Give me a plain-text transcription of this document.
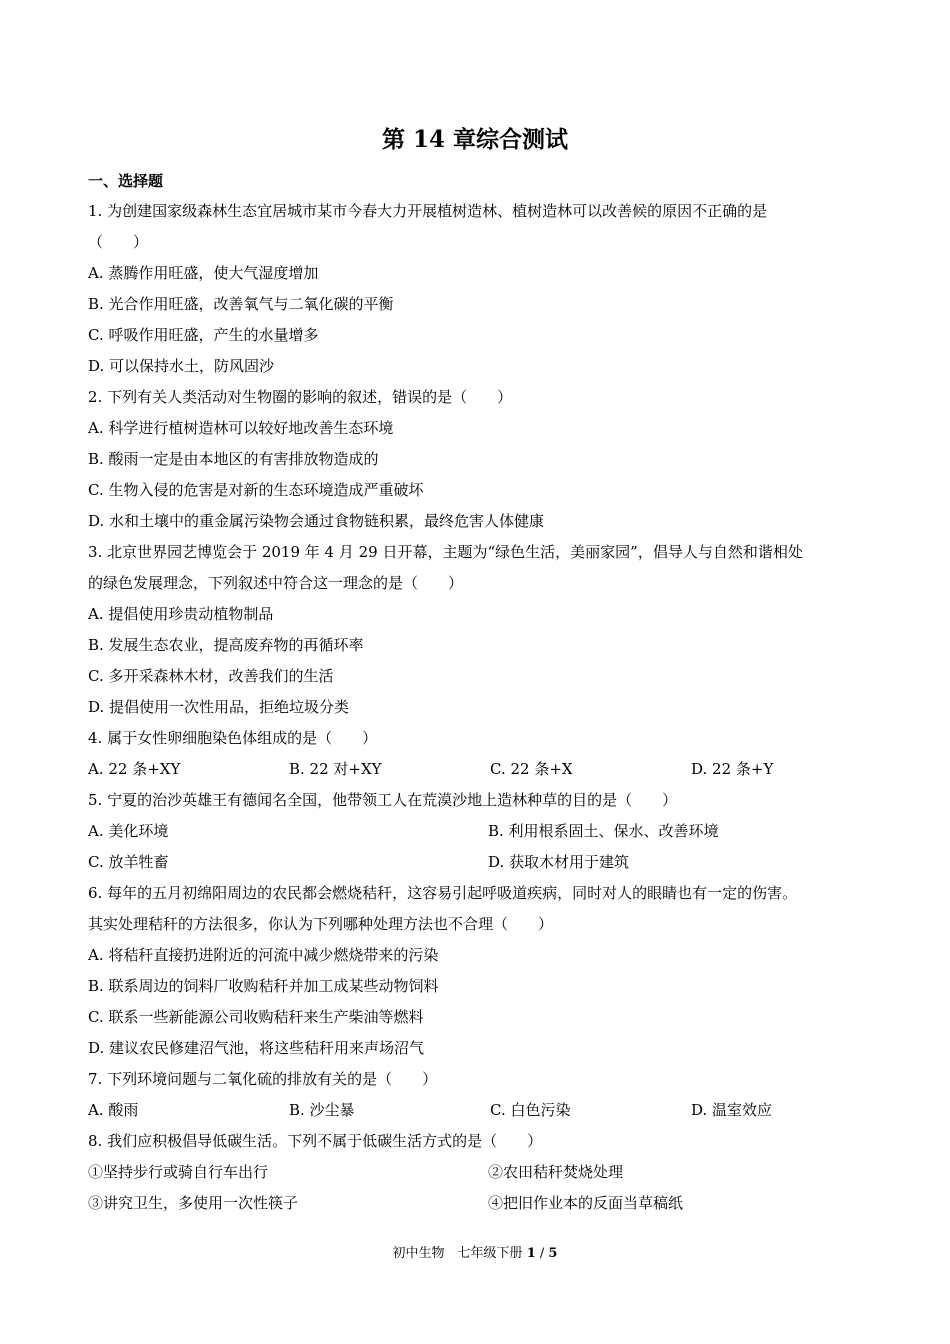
第 14 章综合测试
一、选择题
1. 为创建国家级森林生态宜居城市某市今春大力开展植树造林、植树造林可以改善候的原因不正确的是
（　　）
A. 蒸腾作用旺盛，使大气湿度增加
B. 光合作用旺盛，改善氧气与二氧化碳的平衡
C. 呼吸作用旺盛，产生的水量增多
D. 可以保持水土，防风固沙
2. 下列有关人类活动对生物圈的影响的叙述，错误的是（　　）
A. 科学进行植树造林可以较好地改善生态环境
B. 酸雨一定是由本地区的有害排放物造成的
C. 生物入侵的危害是对新的生态环境造成严重破坏
D. 水和土壤中的重金属污染物会通过食物链积累，最终危害人体健康
3. 北京世界园艺博览会于 2019 年 4 月 29 日开幕，主题为“绿色生活，美丽家园”，倡导人与自然和谐相处
的绿色发展理念，下列叙述中符合这一理念的是（　　）
A. 提倡使用珍贵动植物制品
B. 发展生态农业，提高废弃物的再循环率
C. 多开采森林木材，改善我们的生活
D. 提倡使用一次性用品，拒绝垃圾分类
4. 属于女性卵细胞染色体组成的是（　　）
A. 22 条+XY	B. 22 对+XY	C. 22 条+X	D. 22 条+Y
5. 宁夏的治沙英雄王有德闻名全国，他带领工人在荒漠沙地上造林种草的目的是（　　）
A. 美化环境	B. 利用根系固土、保水、改善环境
C. 放羊牲畜	D. 获取木材用于建筑
6. 每年的五月初绵阳周边的农民都会燃烧秸秆，这容易引起呼吸道疾病，同时对人的眼睛也有一定的伤害。
其实处理秸秆的方法很多，你认为下列哪种处理方法也不合理（　　）
A. 将秸秆直接扔进附近的河流中减少燃烧带来的污染
B. 联系周边的饲料厂收购秸秆并加工成某些动物饲料
C. 联系一些新能源公司收购秸秆来生产柴油等燃料
D. 建议农民修建沼气池，将这些秸秆用来声场沼气
7. 下列环境问题与二氧化硫的排放有关的是（　　）
A. 酸雨	B. 沙尘暴	C. 白色污染	D. 温室效应
8. 我们应积极倡导低碳生活。下列不属于低碳生活方式的是（　　）
①坚持步行或骑自行车出行	②农田秸秆焚烧处理
③讲究卫生，多使用一次性筷子	④把旧作业本的反面当草稿纸
初中生物　七年级下册 1 / 5
